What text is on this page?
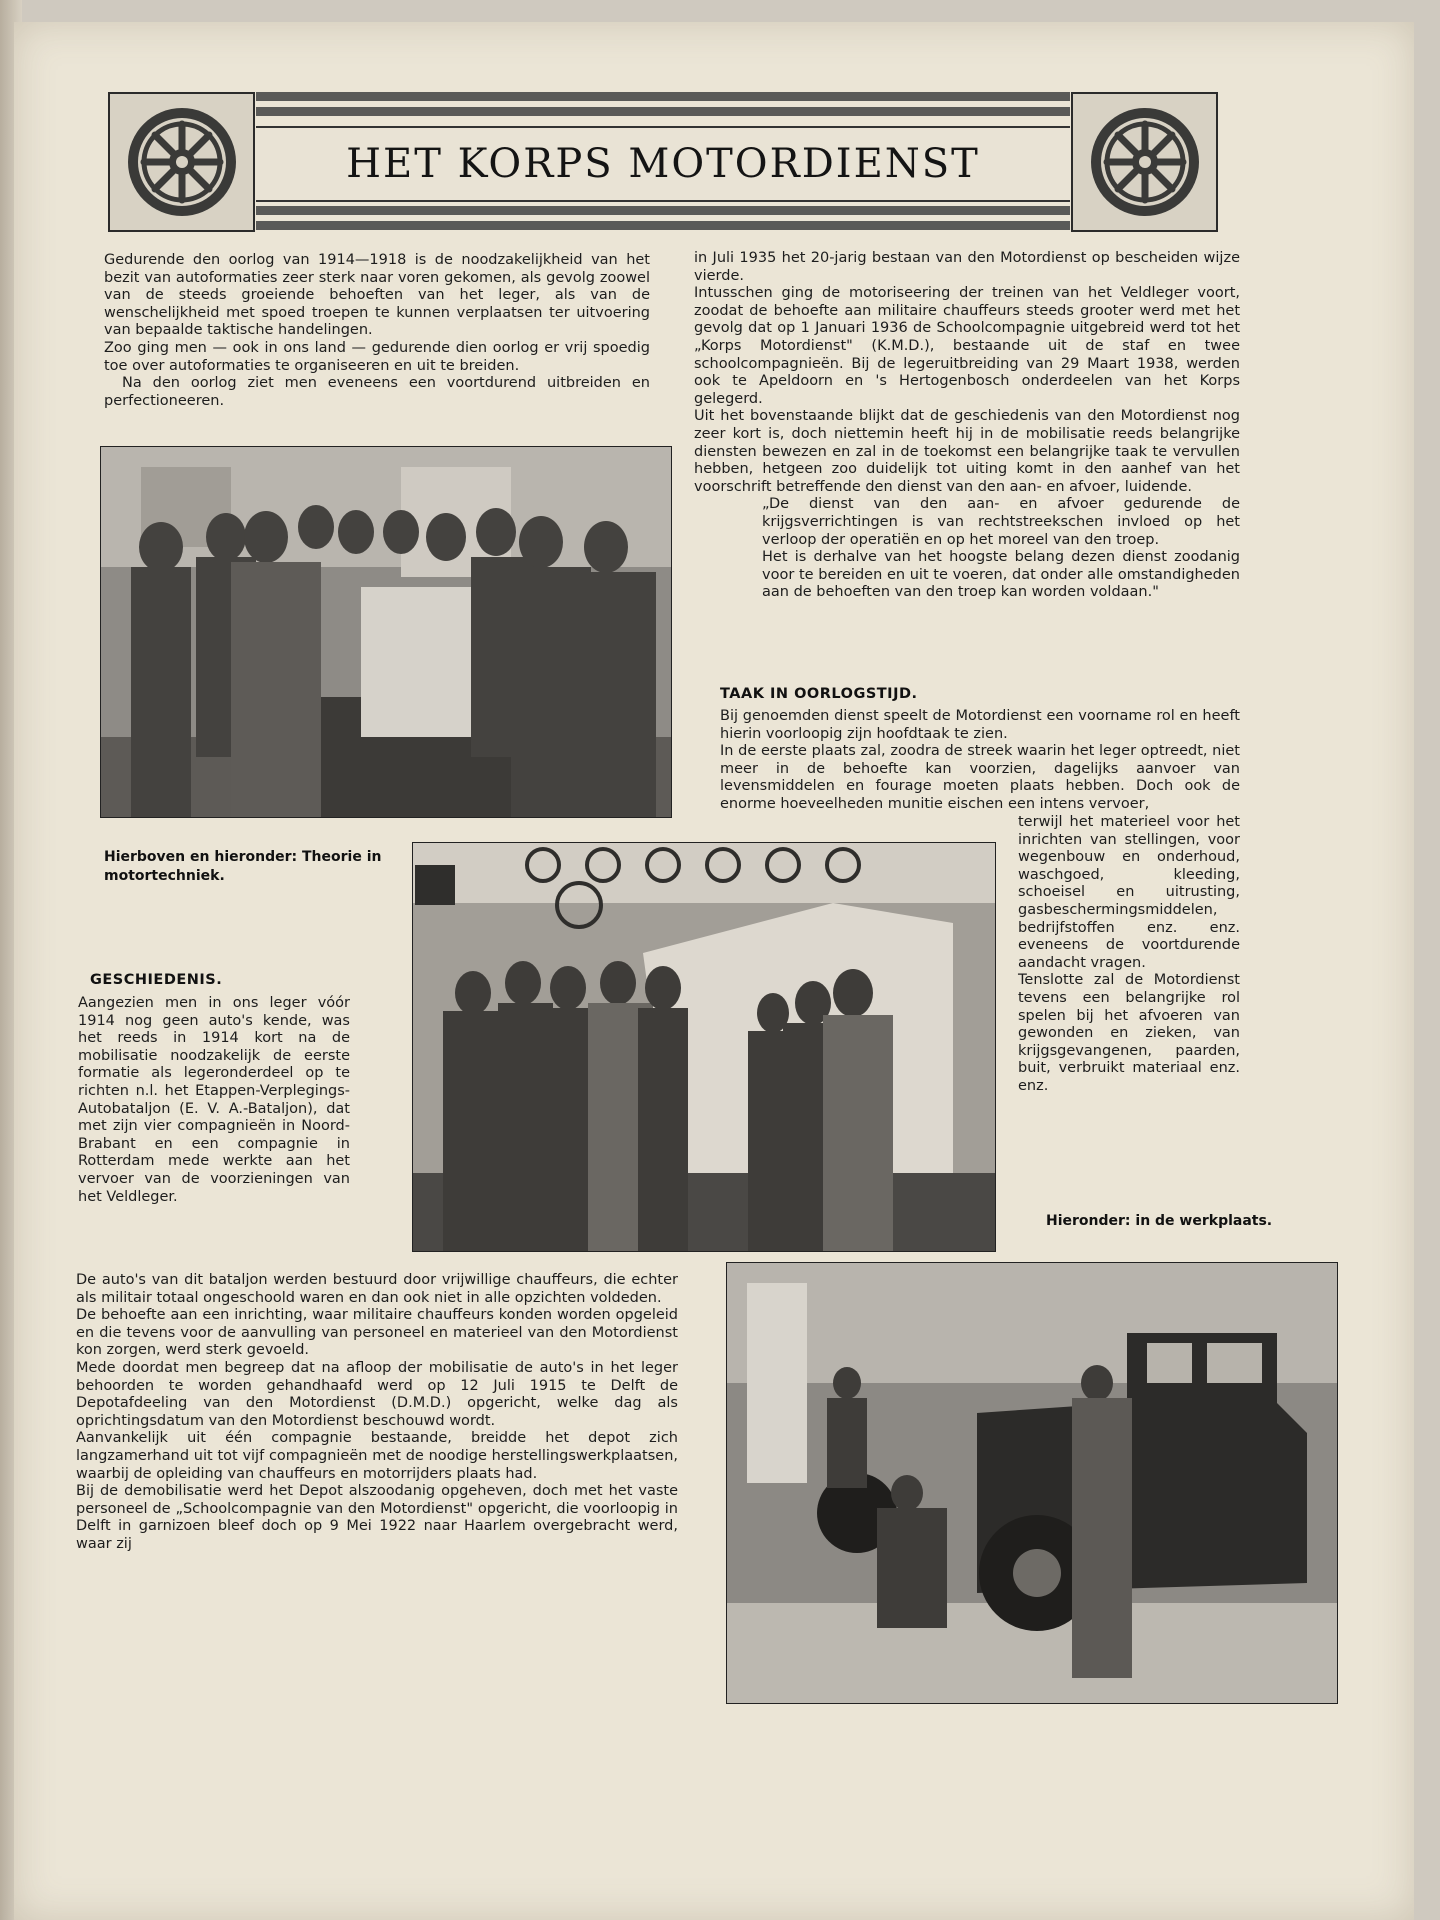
HET KORPS MOTORDIENST

Gedurende den oorlog van 1914—1918 is de noodzakelijkheid van het bezit van autoformaties zeer sterk naar voren gekomen, als gevolg zoowel van de steeds groeiende behoeften van het leger, als van de wenschelijkheid met spoed troepen te kunnen verplaatsen ter uitvoering van bepaalde taktische handelingen.

Zoo ging men — ook in ons land — gedurende dien oorlog er vrij spoedig toe over autoformaties te organiseeren en uit te breiden.

Na den oorlog ziet men eveneens een voortdurend uitbreiden en perfectioneeren.

in Juli 1935 het 20-jarig bestaan van den Motordienst op bescheiden wijze vierde.

Intusschen ging de motoriseering der treinen van het Veldleger voort, zoodat de behoefte aan militaire chauffeurs steeds grooter werd met het gevolg dat op 1 Januari 1936 de Schoolcompagnie uitgebreid werd tot het „Korps Motordienst" (K.M.D.), bestaande uit de staf en twee schoolcompagnieën. Bij de legeruitbreiding van 29 Maart 1938, werden ook te Apeldoorn en 's Hertogenbosch onderdeelen van het Korps gelegerd.

Uit het bovenstaande blijkt dat de geschiedenis van den Motordienst nog zeer kort is, doch niettemin heeft hij in de mobilisatie reeds belangrijke diensten bewezen en zal in de toekomst een belangrijke taak te vervullen hebben, hetgeen zoo duidelijk tot uiting komt in den aanhef van het voorschrift betreffende den dienst van den aan- en afvoer, luidende.

„De dienst van den aan- en afvoer gedurende de krijgsverrichtingen is van rechtstreekschen invloed op het verloop der operatiën en op het moreel van den troep.

Het is derhalve van het hoogste belang dezen dienst zoodanig voor te bereiden en uit te voeren, dat onder alle omstandigheden aan de behoeften van den troep kan worden voldaan."

Hierboven en hieronder: Theorie in motortechniek.
TAAK IN OORLOGSTIJD.

Bij genoemden dienst speelt de Motordienst een voorname rol en heeft hierin voorloopig zijn hoofdtaak te zien.

In de eerste plaats zal, zoodra de streek waarin het leger optreedt, niet meer in de behoefte kan voorzien, dagelijks aanvoer van levensmiddelen en fourage moeten plaats hebben. Doch ook de enorme hoeveelheden munitie eischen een intens vervoer,

terwijl het materieel voor het inrichten van stellingen, voor wegenbouw en onderhoud, waschgoed, kleeding, schoeisel en uitrusting, gasbeschermingsmiddelen, bedrijfstoffen enz. enz. eveneens de voortdurende aandacht vragen.

Tenslotte zal de Motordienst tevens een belangrijke rol spelen bij het afvoeren van gewonden en zieken, van krijgsgevangenen, paarden, buit, verbruikt materiaal enz. enz.

GESCHIEDENIS.

Aangezien men in ons leger vóór 1914 nog geen auto's kende, was het reeds in 1914 kort na de mobilisatie noodzakelijk de eerste formatie als legeronderdeel op te richten n.l. het Etappen-Verplegings-Autobataljon (E. V. A.-Bataljon), dat met zijn vier compagnieën in Noord-Brabant en een compagnie in Rotterdam mede werkte aan het vervoer van de voorzieningen van het Veldleger.

Hieronder: in de werkplaats.

De auto's van dit bataljon werden bestuurd door vrijwillige chauffeurs, die echter als militair totaal ongeschoold waren en dan ook niet in alle opzichten voldeden.

De behoefte aan een inrichting, waar militaire chauffeurs konden worden opgeleid en die tevens voor de aanvulling van personeel en materieel van den Motordienst kon zorgen, werd sterk gevoeld.

Mede doordat men begreep dat na afloop der mobilisatie de auto's in het leger behoorden te worden gehandhaafd werd op 12 Juli 1915 te Delft de Depotafdeeling van den Motordienst (D.M.D.) opgericht, welke dag als oprichtingsdatum van den Motordienst beschouwd wordt.

Aanvankelijk uit één compagnie bestaande, breidde het depot zich langzamerhand uit tot vijf compagnieën met de noodige herstellingswerkplaatsen, waarbij de opleiding van chauffeurs en motorrijders plaats had.

Bij de demobilisatie werd het Depot alszoodanig opgeheven, doch met het vaste personeel de „Schoolcompagnie van den Motordienst" opgericht, die voorloopig in Delft in garnizoen bleef doch op 9 Mei 1922 naar Haarlem overgebracht werd, waar zij
